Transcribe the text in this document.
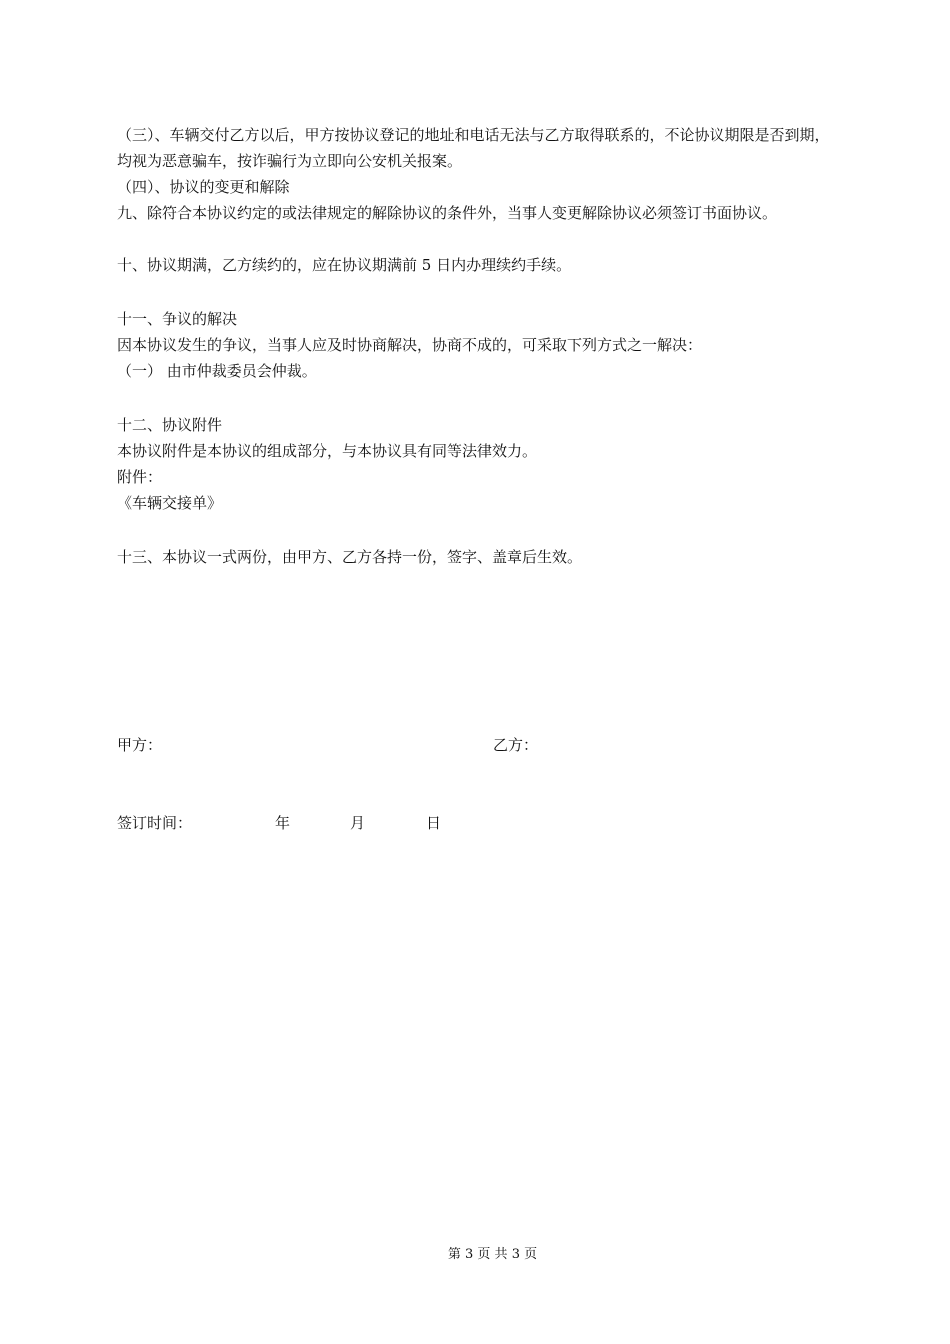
（三）、车辆交付乙方以后，甲方按协议登记的地址和电话无法与乙方取得联系的，不论协议期限是否到期，

均视为恶意骗车，按诈骗行为立即向公安机关报案。

（四）、协议的变更和解除

九、除符合本协议约定的或法律规定的解除协议的条件外，当事人变更解除协议必须签订书面协议。

十、协议期满，乙方续约的，应在协议期满前 5 日内办理续约手续。

十一、争议的解决

因本协议发生的争议，当事人应及时协商解决，协商不成的，可采取下列方式之一解决：

（一） 由市仲裁委员会仲裁。

十二、协议附件

本协议附件是本协议的组成部分，与本协议具有同等法律效力。

附件：

《车辆交接单》

十三、本协议一式两份，由甲方、乙方各持一份，签字、盖章后生效。

甲方：	乙方：
签订时间：	年	月	日
第 3 页 共 3 页
